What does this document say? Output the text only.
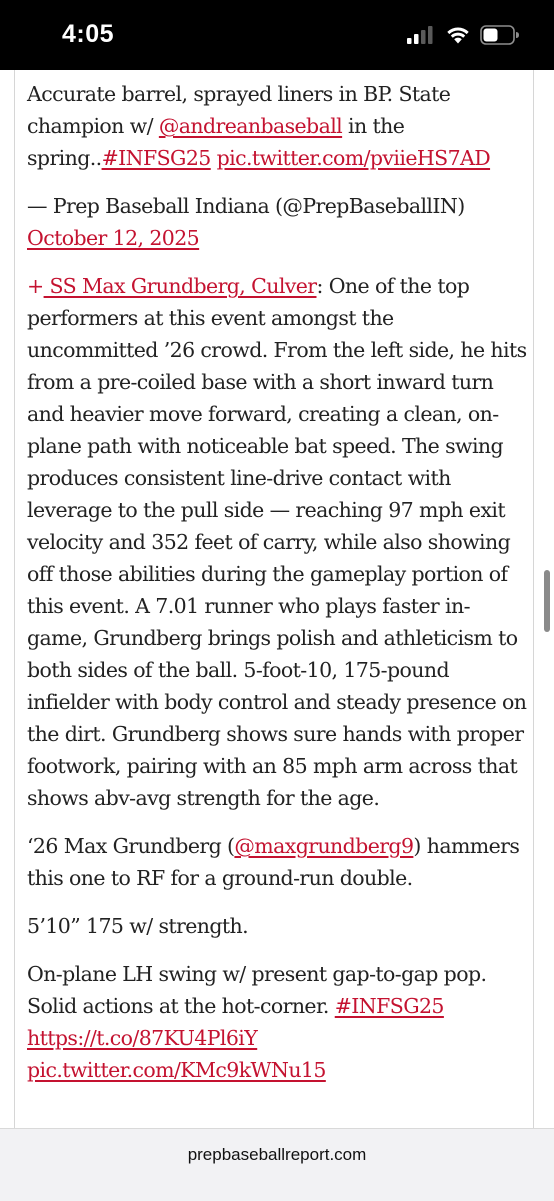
4:05

Accurate barrel, sprayed liners in BP. State champion w/ @andreanbaseball in the spring..#INFSG25 pic.twitter.com/pviieHS7AD

— Prep Baseball Indiana (@PrepBaseballIN)
October 12, 2025

+ SS Max Grundberg, Culver: One of the top performers at this event amongst the uncommitted ’26 crowd. From the left side, he hits from a pre-coiled base with a short inward turn and heavier move forward, creating a clean, on-plane path with noticeable bat speed. The swing produces consistent line-drive contact with leverage to the pull side — reaching 97 mph exit velocity and 352 feet of carry, while also showing off those abilities during the gameplay portion of this event. A 7.01 runner who plays faster in-game, Grundberg brings polish and athleticism to both sides of the ball. 5-foot-10, 175-pound infielder with body control and steady presence on the dirt. Grundberg shows sure hands with proper footwork, pairing with an 85 mph arm across that shows abv-avg strength for the age.

‘26 Max Grundberg (@maxgrundberg9) hammers this one to RF for a ground-run double.

5’10” 175 w/ strength.

On-plane LH swing w/ present gap-to-gap pop. Solid actions at the hot-corner. #INFSG25
https://t.co/87KU4Pl6iY
pic.twitter.com/KMc9kWNu15

prepbaseballreport.com
